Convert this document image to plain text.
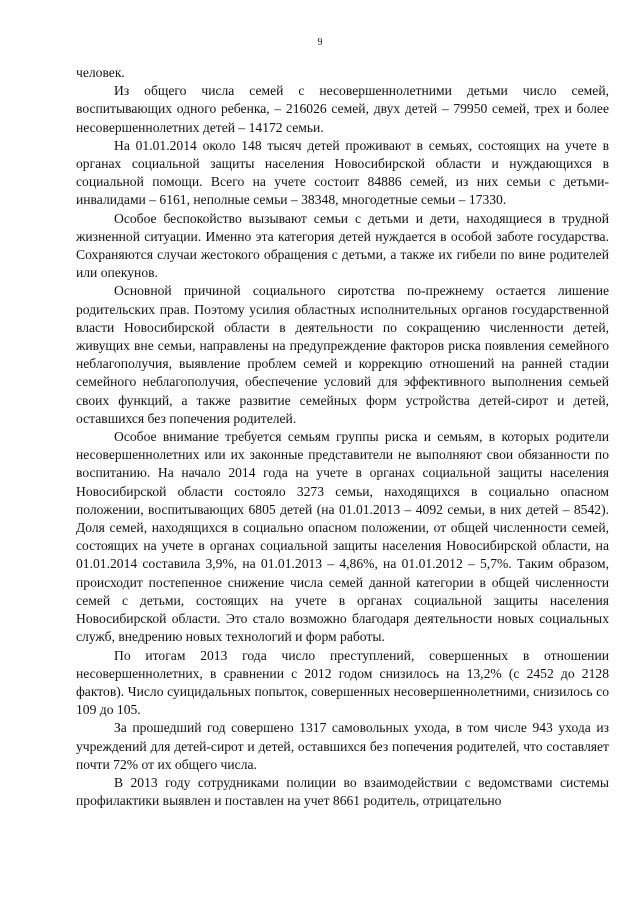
9

человек.

Из общего числа семей с несовершеннолетними детьми число семей, воспитывающих одного ребенка, – 216026 семей, двух детей – 79950 семей, трех и более несовершеннолетних детей – 14172 семьи.

На 01.01.2014 около 148 тысяч детей проживают в семьях, состоящих на учете в органах социальной защиты населения Новосибирской области и нуждающихся в социальной помощи. Всего на учете состоит 84886 семей, из них семьи с детьми-инвалидами – 6161, неполные семьи – 38348, многодетные семьи – 17330.

Особое беспокойство вызывают семьи с детьми и дети, находящиеся в трудной жизненной ситуации. Именно эта категория детей нуждается в особой заботе государства. Сохраняются случаи жестокого обращения с детьми, а также их гибели по вине родителей или опекунов.

Основной причиной социального сиротства по-прежнему остается лишение родительских прав. Поэтому усилия областных исполнительных органов государственной власти Новосибирской области в деятельности по сокращению численности детей, живущих вне семьи, направлены на предупреждение факторов риска появления семейного неблагополучия, выявление проблем семей и коррекцию отношений на ранней стадии семейного неблагополучия, обеспечение условий для эффективного выполнения семьей своих функций, а также развитие семейных форм устройства детей-сирот и детей, оставшихся без попечения родителей.

Особое внимание требуется семьям группы риска и семьям, в которых родители несовершеннолетних или их законные представители не выполняют свои обязанности по воспитанию. На начало 2014 года на учете в органах социальной защиты населения Новосибирской области состояло 3273 семьи, находящихся в социально опасном положении, воспитывающих 6805 детей (на 01.01.2013 – 4092 семьи, в них детей – 8542). Доля семей, находящихся в социально опасном положении, от общей численности семей, состоящих на учете в органах социальной защиты населения Новосибирской области, на 01.01.2014 составила 3,9%, на 01.01.2013 – 4,86%, на 01.01.2012 – 5,7%. Таким образом, происходит постепенное снижение числа семей данной категории в общей численности семей с детьми, состоящих на учете в органах социальной защиты населения Новосибирской области. Это стало возможно благодаря деятельности новых социальных служб, внедрению новых технологий и форм работы.

По итогам 2013 года число преступлений, совершенных в отношении несовершеннолетних, в сравнении с 2012 годом снизилось на 13,2% (с 2452 до 2128 фактов). Число суицидальных попыток, совершенных несовершеннолетними, снизилось со 109 до 105.

За прошедший год совершено 1317 самовольных ухода, в том числе 943 ухода из учреждений для детей-сирот и детей, оставшихся без попечения родителей, что составляет почти 72% от их общего числа.

В 2013 году сотрудниками полиции во взаимодействии с ведомствами системы профилактики выявлен и поставлен на учет 8661 родитель, отрицательно
